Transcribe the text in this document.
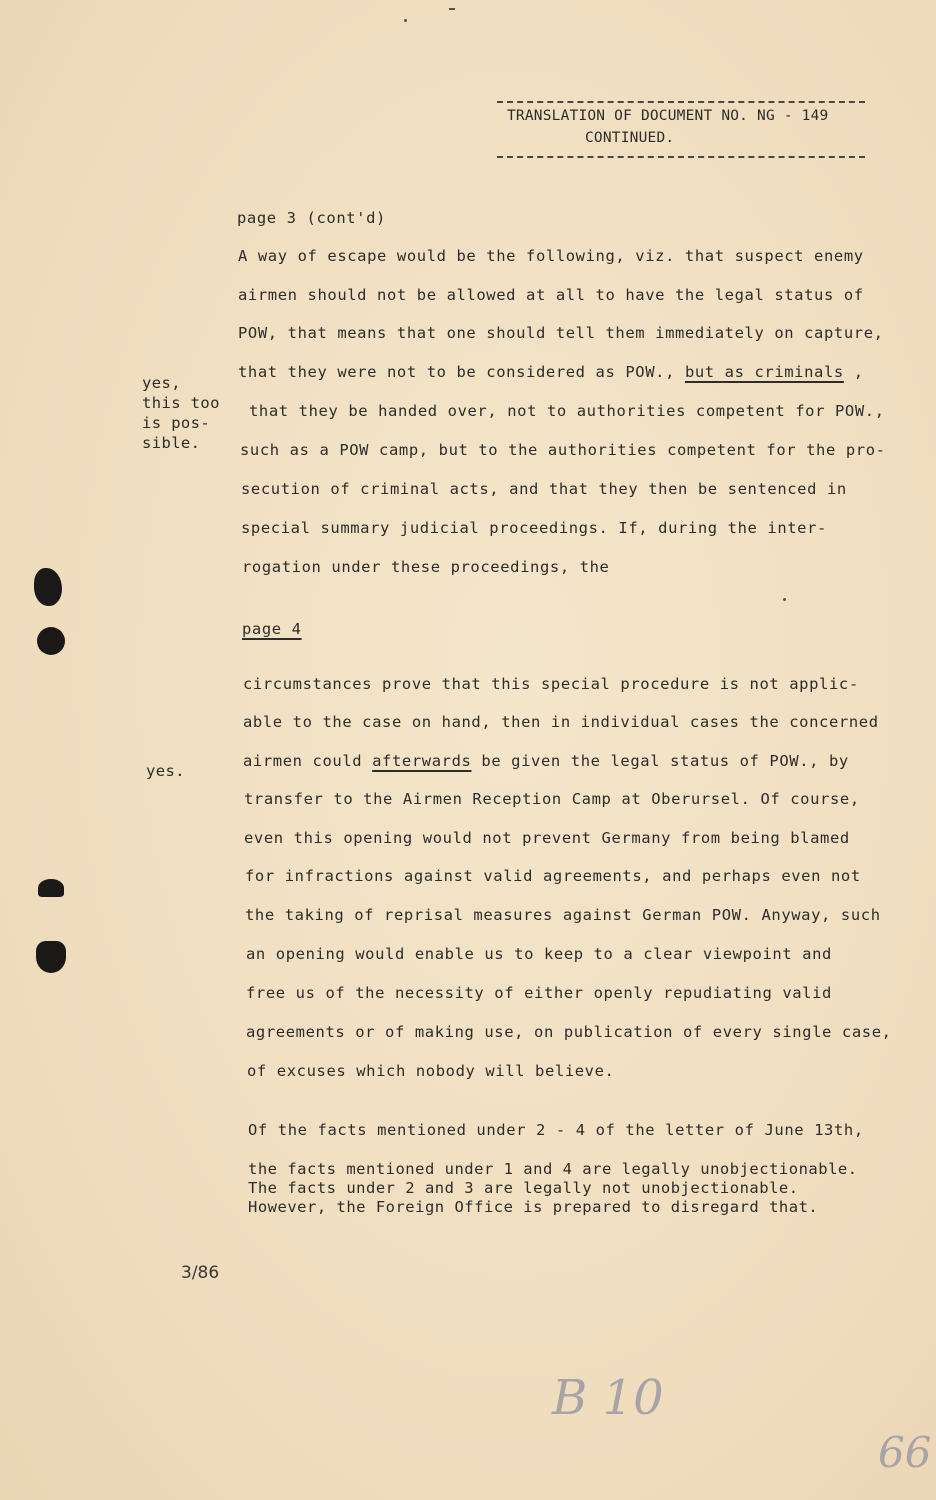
TRANSLATION OF DOCUMENT NO. NG - 149
CONTINUED.
page 3 (cont'd)
A way of escape would be the following, viz. that suspect enemy
airmen should not be allowed at all to have the legal status of
POW, that means that one should tell them immediately on capture,
that they were not to be considered as POW., but as criminals ,
that they be handed over, not to authorities competent for POW.,
such as a POW camp, but to the authorities competent for the pro-
secution of criminal acts, and that they then be sentenced in
special summary judicial proceedings. If, during the inter-
rogation under these proceedings, the
yes,
this too
is pos-
sible.
page 4
circumstances prove that this special procedure is not applic-
able to the case on hand, then in individual cases the concerned
airmen could afterwards be given the legal status of POW., by
transfer to the Airmen Reception Camp at Oberursel. Of course,
even this opening would not prevent Germany from being blamed
for infractions against valid agreements, and perhaps even not
the taking of reprisal measures against German POW. Anyway, such
an opening would enable us to keep to a clear viewpoint and
free us of the necessity of either openly repudiating valid
agreements or of making use, on publication of every single case,
of excuses which nobody will believe.
yes.
Of the facts mentioned under 2 - 4 of the letter of June 13th,
the facts mentioned under 1 and 4 are legally unobjectionable.
The facts under 2 and 3 are legally not unobjectionable.
However, the Foreign Office is prepared to disregard that.
3/86
B 10
66
